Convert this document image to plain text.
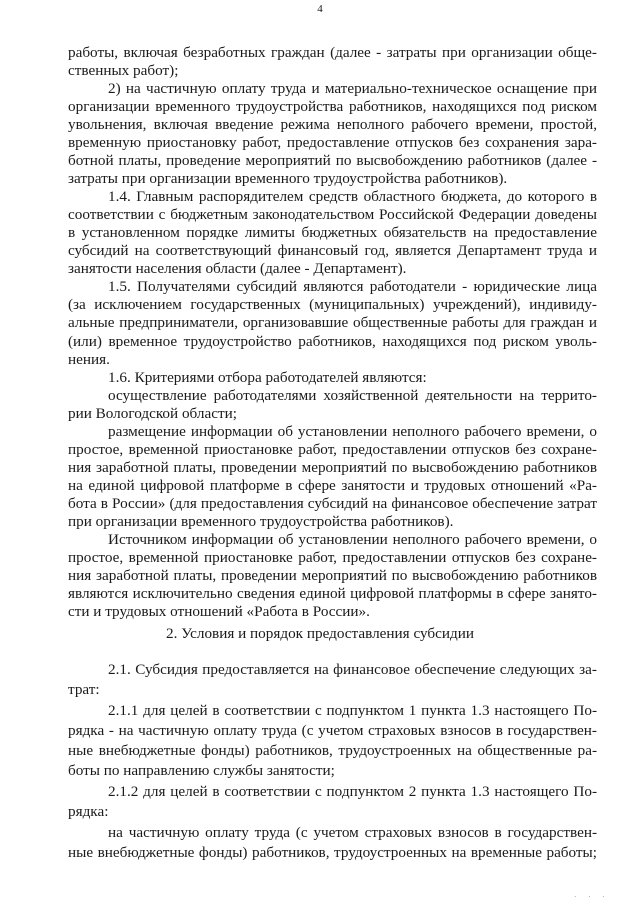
4
работы, включая безработных граждан (далее - затраты при организации обще-
ственных работ);
2) на частичную оплату труда и материально-техническое оснащение при
организации временного трудоустройства работников, находящихся под риском
увольнения, включая введение режима неполного рабочего времени, простой,
временную приостановку работ, предоставление отпусков без сохранения зара-
ботной платы, проведение мероприятий по высвобождению работников (далее -
затраты при организации временного трудоустройства работников).
1.4. Главным распорядителем средств областного бюджета, до которого в
соответствии с бюджетным законодательством Российской Федерации доведены
в установленном порядке лимиты бюджетных обязательств на предоставление
субсидий на соответствующий финансовый год, является Департамент труда и
занятости населения области (далее - Департамент).
1.5. Получателями субсидий являются работодатели - юридические лица
(за исключением государственных (муниципальных) учреждений), индивиду-
альные предприниматели, организовавшие общественные работы для граждан и
(или) временное трудоустройство работников, находящихся под риском уволь-
нения.
1.6. Критериями отбора работодателей являются:
осуществление работодателями хозяйственной деятельности на террито-
рии Вологодской области;
размещение информации об установлении неполного рабочего времени, о
простое, временной приостановке работ, предоставлении отпусков без сохране-
ния заработной платы, проведении мероприятий по высвобождению работников
на единой цифровой платформе в сфере занятости и трудовых отношений «Ра-
бота в России» (для предоставления субсидий на финансовое обеспечение затрат
при организации временного трудоустройства работников).
Источником информации об установлении неполного рабочего времени, о
простое, временной приостановке работ, предоставлении отпусков без сохране-
ния заработной платы, проведении мероприятий по высвобождению работников
являются исключительно сведения единой цифровой платформы в сфере занято-
сти и трудовых отношений «Работа в России».
2.1. Субсидия предоставляется на финансовое обеспечение следующих за-
трат:
2.1.1 для целей в соответствии с подпунктом 1 пункта 1.3 настоящего По-
рядка - на частичную оплату труда (с учетом страховых взносов в государствен-
ные внебюджетные фонды) работников, трудоустроенных на общественные ра-
боты по направлению службы занятости;
2.1.2 для целей в соответствии с подпунктом 2 пункта 1.3 настоящего По-
рядка:
на частичную оплату труда (с учетом страховых взносов в государствен-
ные внебюджетные фонды) работников, трудоустроенных на временные работы;
2. Условия и порядок предоставления субсидии
· · ·
